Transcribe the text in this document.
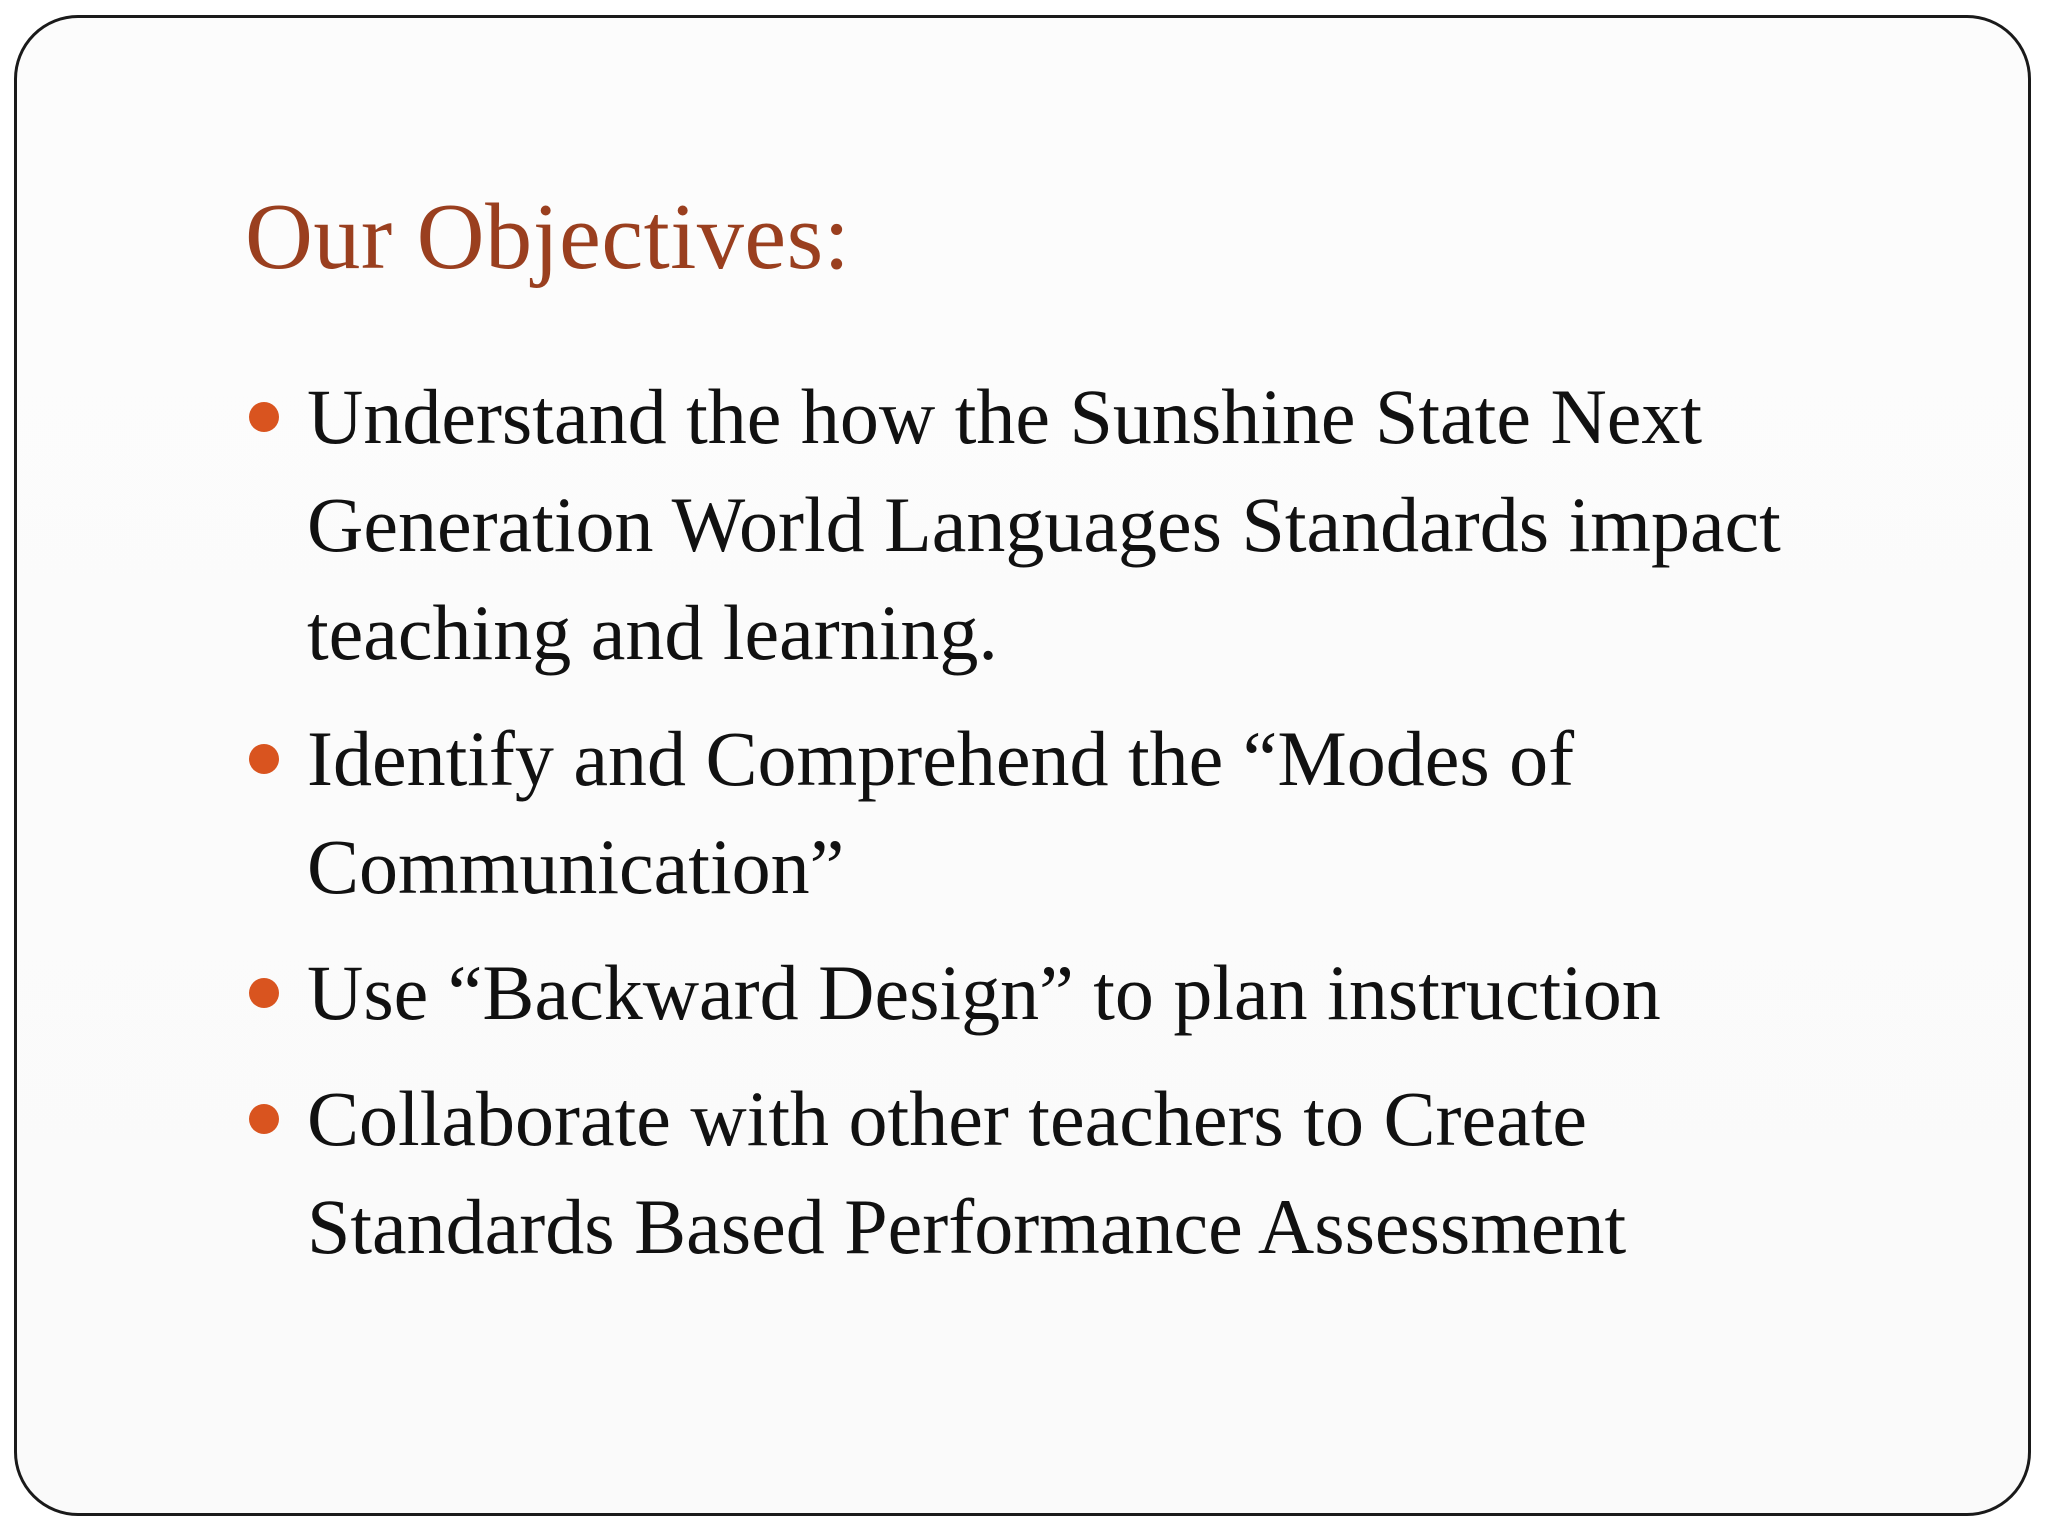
Our Objectives:
Understand the how the Sunshine State Next Generation World Languages Standards impact teaching and learning.
Identify and Comprehend the “Modes of Communication”
Use “Backward Design” to plan instruction
Collaborate with other teachers to Create Standards Based Performance Assessment
